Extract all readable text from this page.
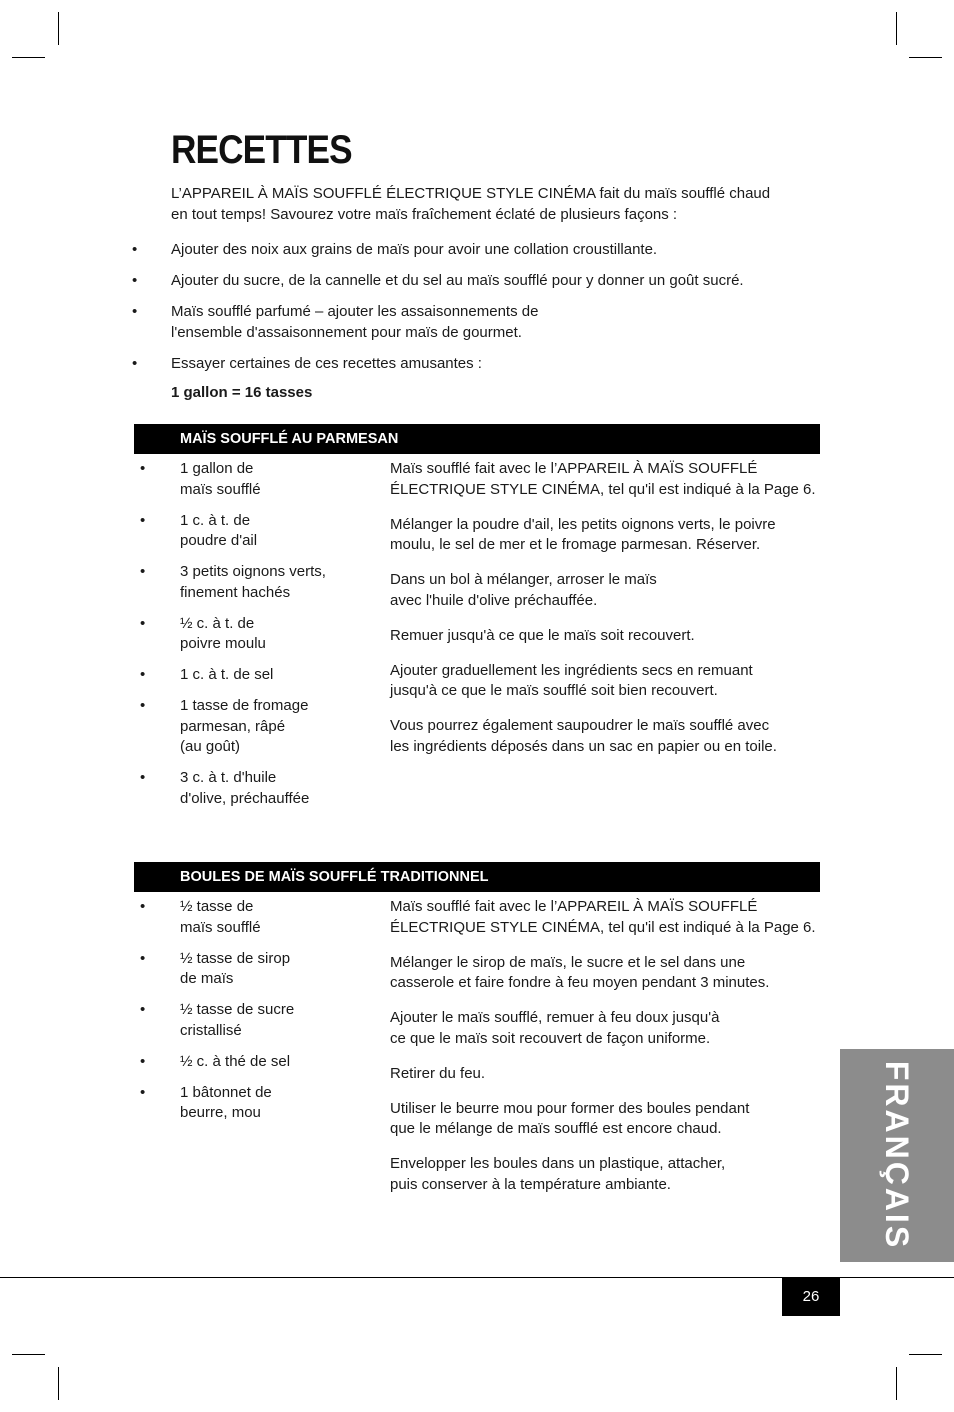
RECETTES

L’APPAREIL À MAÏS SOUFFLÉ ÉLECTRIQUE STYLE CINÉMA fait du maïs soufflé chaud

en tout temps! Savourez votre maïs fraîchement éclaté de plusieurs façons :

• Ajouter des noix aux grains de maïs pour avoir une collation croustillante.
• Ajouter du sucre, de la cannelle et du sel au maïs soufflé pour y donner un goût sucré.
• Maïs soufflé parfumé – ajouter les assaisonnements de
l'ensemble d'assaisonnement pour maïs de gourmet.
• Essayer certaines de ces recettes amusantes :
1 gallon = 16 tasses
MAÏS SOUFFLÉ AU PARMESAN
• 1 gallon de
maïs soufflé
• 1 c. à t. de
poudre d'ail
• 3 petits oignons verts,
finement hachés
• ½ c. à t. de
poivre moulu
• 1 c. à t. de sel
• 1 tasse de fromage
parmesan, râpé
(au goût)
• 3 c. à t. d'huile
d'olive, préchauffée

Maïs soufflé fait avec le l’APPAREIL À MAÏS SOUFFLÉ
ÉLECTRIQUE STYLE CINÉMA, tel qu'il est indiqué à la Page 6.

Mélanger la poudre d'ail, les petits oignons verts, le poivre
moulu, le sel de mer et le fromage parmesan. Réserver.

Dans un bol à mélanger, arroser le maïs
avec l'huile d'olive préchauffée.

Remuer jusqu'à ce que le maïs soit recouvert.

Ajouter graduellement les ingrédients secs en remuant
jusqu'à ce que le maïs soufflé soit bien recouvert.

Vous pourrez également saupoudrer le maïs soufflé avec
les ingrédients déposés dans un sac en papier ou en toile.

BOULES DE MAÏS SOUFFLÉ TRADITIONNEL
• ½ tasse de
maïs soufflé
• ½ tasse de sirop
de maïs
• ½ tasse de sucre
cristallisé
• ½ c. à thé de sel
• 1 bâtonnet de
beurre, mou

Maïs soufflé fait avec le l’APPAREIL À MAÏS SOUFFLÉ
ÉLECTRIQUE STYLE CINÉMA, tel qu'il est indiqué à la Page 6.

Mélanger le sirop de maïs, le sucre et le sel dans une
casserole et faire fondre à feu moyen pendant 3 minutes.

Ajouter le maïs soufflé, remuer à feu doux jusqu'à
ce que le maïs soit recouvert de façon uniforme.

Retirer du feu.

Utiliser le beurre mou pour former des boules pendant
que le mélange de maïs soufflé est encore chaud.

Envelopper les boules dans un plastique, attacher,
puis conserver à la température ambiante.	FRANÇAIS
26
